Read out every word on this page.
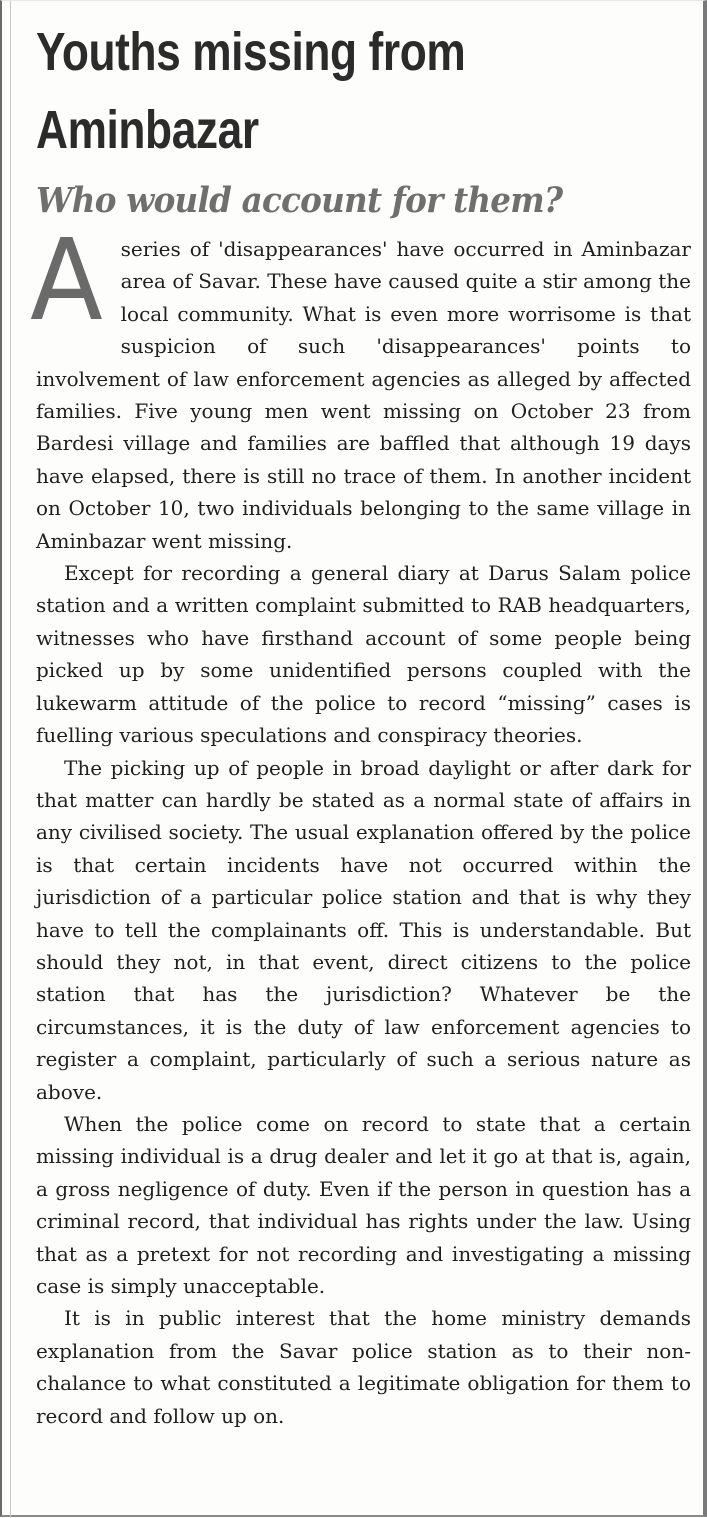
Youths missing from
Aminbazar
Who would account for them?

Aseries of 'disappearances' have occurred in Aminbazar area of Savar. These have caused quite a stir among the local community. What is even more worrisome is that suspicion of such 'disappearances' points to involvement of law enforcement agencies as alleged by affected families. Five young men went missing on October 23 from Bardesi village and families are baffled that although 19 days have elapsed, there is still no trace of them. In another incident on October 10, two individuals belonging to the same village in Aminbazar went missing.

Except for recording a general diary at Darus Salam police station and a written complaint submitted to RAB headquarters, witnesses who have firsthand account of some people being picked up by some unidentified persons coupled with the lukewarm attitude of the police to record “missing” cases is fuelling various speculations and conspiracy theories.

The picking up of people in broad daylight or after dark for that matter can hardly be stated as a normal state of affairs in any civilised society. The usual explanation offered by the police is that certain incidents have not occurred within the jurisdiction of a particular police station and that is why they have to tell the complainants off. This is understandable. But should they not, in that event, direct citizens to the police station that has the jurisdiction? Whatever be the circumstances, it is the duty of law enforcement agencies to register a complaint, particularly of such a serious nature as above.

When the police come on record to state that a certain missing individual is a drug dealer and let it go at that is, again, a gross negligence of duty. Even if the person in question has a criminal record, that individual has rights under the law. Using that as a pretext for not recording and investigating a missing case is simply unacceptable.

It is in public interest that the home ministry demands explanation from the Savar police station as to their nonchalance to what constituted a legitimate obligation for them to record and follow up on.
